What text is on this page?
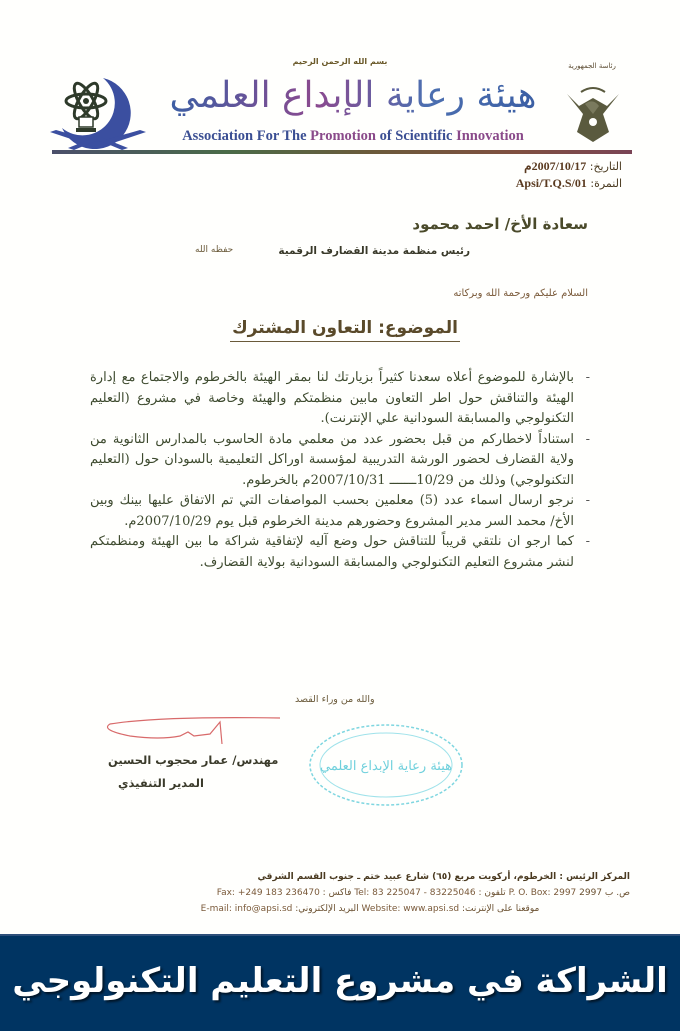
بسم الله الرحمن الرحيم
هيئة رعاية الإبداع العلمي
Association For The Promotion of Scientific Innovation
رئاسة الجمهورية
التاريخ: 2007/10/17م
النمرة: Apsi/T.Q.S/01
سعادة الأخ/ احمد محمود
رئيس منظمة مدينة القضارف الرقمية
حفظه الله
السلام عليكم ورحمة الله وبركاته
الموضوع: التعاون المشترك

- بالإشارة للموضوع أعلاه سعدنا كثيراً بزيارتك لنا بمقر الهيئة بالخرطوم والاجتماع مع إدارة الهيئة والتناقش حول اطر التعاون مابين منظمتكم والهيئة وخاصة في مشروع (التعليم التكنولوجي والمسابقة السودانية علي الإنترنت).

- استناداً لاخطاركم من قبل بحضور عدد من معلمي مادة الحاسوب بالمدارس الثانوية من ولاية القضارف لحضور الورشة التدريبية لمؤسسة اوراكل التعليمية بالسودان حول (التعليم التكنولوجي) وذلك من 10/29ـــــــ 2007/10/31م بالخرطوم.

- نرجو ارسال اسماء عدد (5) معلمين بحسب المواصفات التي تم الاتفاق عليها بينك وبين الأخ/ محمد السر مدير المشروع وحضورهم مدينة الخرطوم قبل يوم 2007/10/29م.

- كما ارجو ان نلتقي قريباً للتناقش حول وضع آليه لإتفاقية شراكة ما بين الهيئة ومنظمتكم لنشر مشروع التعليم التكنولوجي والمسابقة السودانية بولاية القضارف.

والله من وراء القصد
مهندس/ عمار محجوب الحسين
المدير التنفيذي
هيئة رعاية الإبداع العلمي
المركز الرئيس : الخرطوم، أركويت مربع (٦٥) شارع عبيد ختم ـ جنوب القسم الشرقي
ص. ب 2997 P. O. Box: 2997 تلفون : Tel: 83 225047 - 83225046 فاكس : Fax: +249 183 236470
موقعنا على الإنترنت: Website: www.apsi.sd البريد الإلكتروني: E-mail: info@apsi.sd
الشراكة في مشروع التعليم التكنولوجي
